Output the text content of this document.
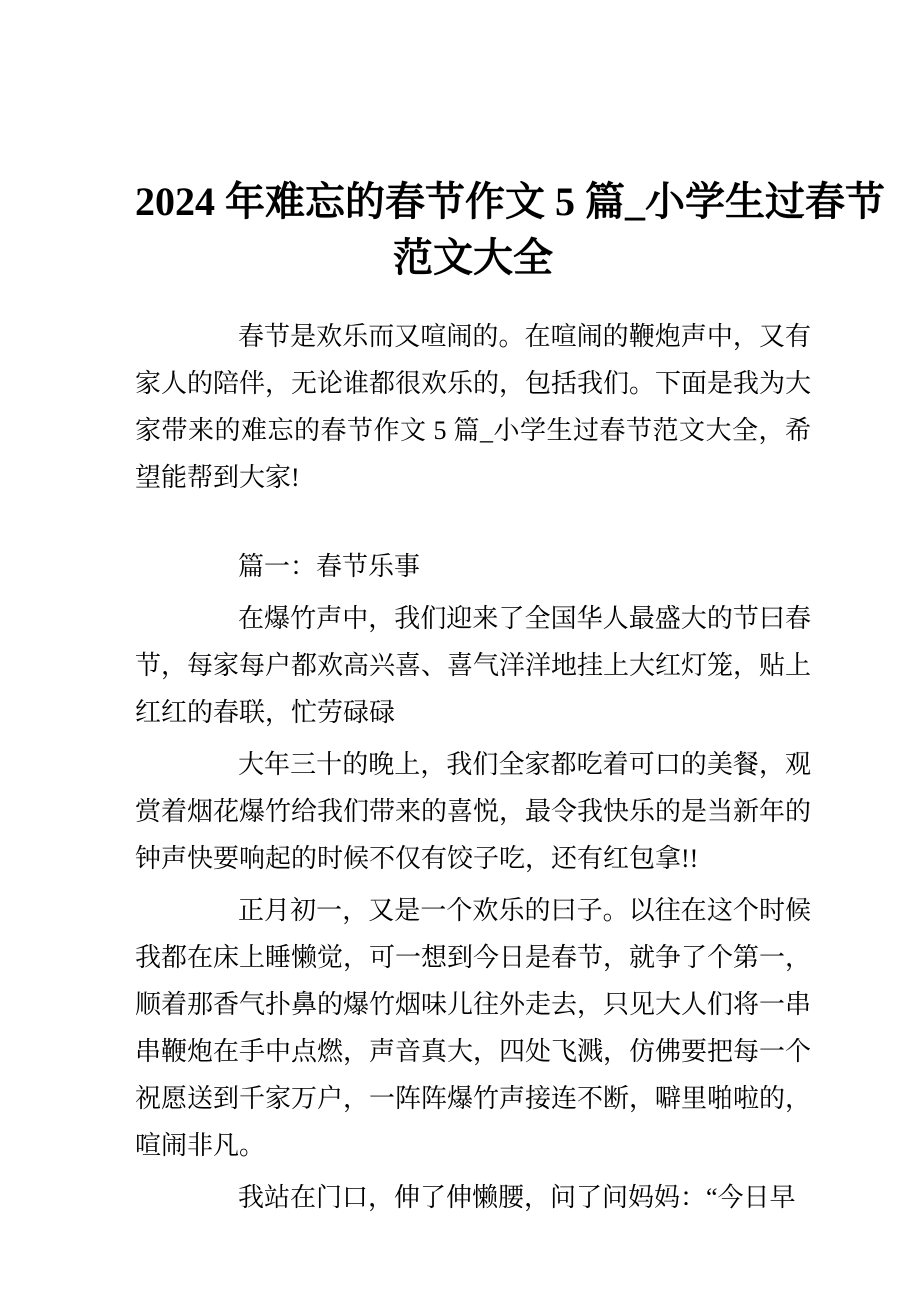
2024 年难忘的春节作文 5 篇_小学生过春节
范文大全

春节是欢乐而又喧闹的。在喧闹的鞭炮声中，又有家人的陪伴，无论谁都很欢乐的，包括我们。下面是我为大家带来的难忘的春节作文 5 篇_小学生过春节范文大全，希望能帮到大家!

篇一：春节乐事

在爆竹声中，我们迎来了全国华人最盛大的节曰春节，每家每户都欢高兴喜、喜气洋洋地挂上大红灯笼，贴上红红的春联，忙劳碌碌

大年三十的晚上，我们全家都吃着可口的美餐，观赏着烟花爆竹给我们带来的喜悦，最令我快乐的是当新年的钟声快要响起的时候不仅有饺子吃，还有红包拿!!

正月初一，又是一个欢乐的曰子。以往在这个时候我都在床上睡懒觉，可一想到今日是春节，就争了个第一，顺着那香气扑鼻的爆竹烟味儿往外走去，只见大人们将一串串鞭炮在手中点燃，声音真大，四处飞溅，仿佛要把每一个祝愿送到千家万户，一阵阵爆竹声接连不断，噼里啪啦的，喧闹非凡。

我站在门口，伸了伸懒腰，问了问妈妈：“今日早
